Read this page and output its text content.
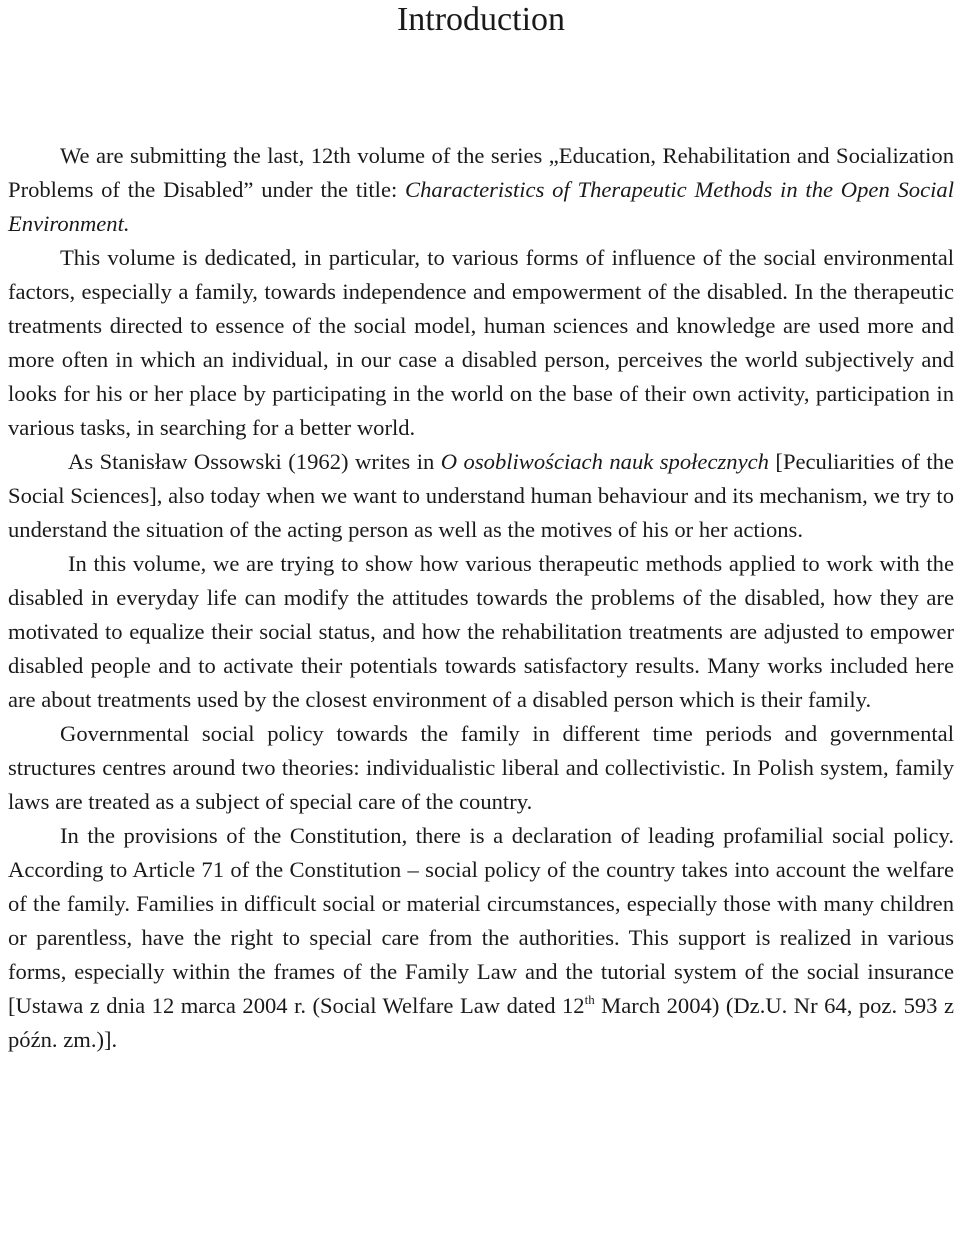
Introduction

We are submitting the last, 12th volume of the series „Education, Rehabilitation and Socialization Problems of the Disabled” under the title: Characteristics of Therapeutic Methods in the Open Social Environment.

This volume is dedicated, in particular, to various forms of influence of the social environmental factors, especially a family, towards independence and empowerment of the disabled. In the therapeutic treatments directed to essence of the social model, human sciences and knowledge are used more and more often in which an individual, in our case a disabled person, perceives the world subjectively and looks for his or her place by participating in the world on the base of their own activity, participation in various tasks, in searching for a better world.

As Stanisław Ossowski (1962) writes in O osobliwościach nauk społecznych [Peculiarities of the Social Sciences], also today when we want to understand human behaviour and its mechanism, we try to understand the situation of the acting person as well as the motives of his or her actions.

In this volume, we are trying to show how various therapeutic methods applied to work with the disabled in everyday life can modify the attitudes towards the problems of the disabled, how they are motivated to equalize their social status, and how the rehabilitation treatments are adjusted to empower disabled people and to activate their potentials towards satisfactory results. Many works included here are about treatments used by the closest environment of a disabled person which is their family.

Governmental social policy towards the family in different time periods and governmental structures centres around two theories: individualistic liberal and collectivistic. In Polish system, family laws are treated as a subject of special care of the country.

In the provisions of the Constitution, there is a declaration of leading profamilial social policy. According to Article 71 of the Constitution – social policy of the country takes into account the welfare of the family. Families in difficult social or material circumstances, especially those with many children or parentless, have the right to special care from the authorities. This support is realized in various forms, especially within the frames of the Family Law and the tutorial system of the social insurance [Ustawa z dnia 12 marca 2004 r. (Social Welfare Law dated 12th March 2004) (Dz.U. Nr 64, poz. 593 z późn. zm.)].
